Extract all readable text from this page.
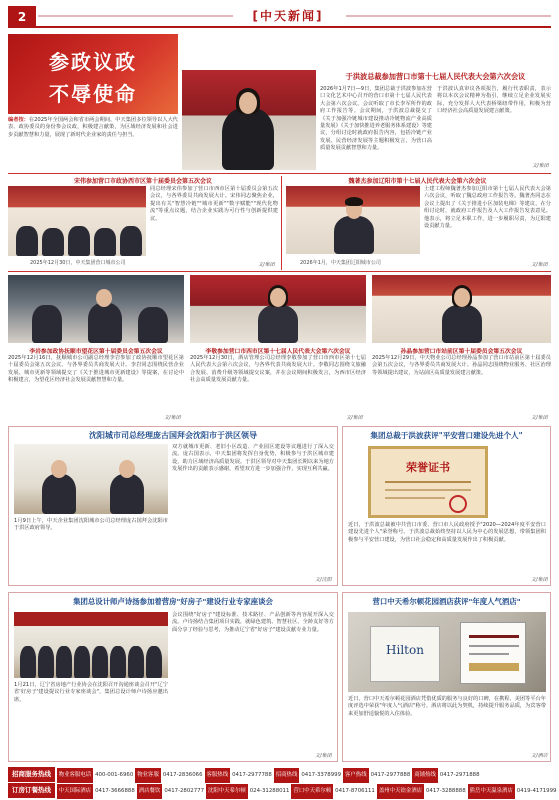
2
[	中天新闻 ]
参政议政
不辱使命
编者按：在2025年全国两会和省市两会期间，中天集团多位领导以人大代表、政协委员的身份参会议政，积极建言献策，为区域经济发展和社会进步贡献智慧和力量，展现了新时代企业家的责任与担当。
于洪波总裁参加营口市第十七届人民代表大会第六次会议
2026年1月7日—9日，集团总裁于洪波参加在营口文化艺术中心召开的营口市第十七届人民代表大会第六次会议。会议听取了市长李军所作的政府工作报告等。会议期间，于洪波总裁提交了《关于加强冷链城市建设推动冷链物流产业高质量发展》《关于加快推进养老服务体系建设》等建议，分组讨论时就政府报告内容，包括冷链产业发展、民营经济发展等主题积极发言，为营口高质量发展贡献智慧和力量。
于洪波认真审议各项报告，履行代表职责，表示将以本次会议精神为指引，继续立足企业发展实际，充分发挥人大代表桥梁纽带作用，积极为营口经济社会高质量发展建言献策。
文/集团
宋伟参加营口市政协西市区第十届委员会第五次会议
同总经理宋伟参加了营口市西市区第十届委员会第五次会议，与各界委员共商发展大计。宋伟同志聚焦企业，提出有关"智慧冷链""城市更新""数字赋能""现代化物流"等重点议题，结合企业实践为可行性与创新提供建议。
2025年12月30日，中天集团营口城市公司	文/集团
魏著杰参加辽阳市第十七届人民代表大会第六次会议
土建工程师魏著杰参加辽阳市第十七届人民代表大会第六次会议，听取了魏总政府工作报告等。魏著杰同志在会议上提出了《关于推进小区加装电梯》等建议，在分组讨论时，就政府工作报告及人大工作报告发表意见。他表示，将立足本职工作，进一步履职尽责，为辽阳建设贡献力量。
2026年1月，中天集团辽阳城市公司	文/集团
李岩参加政协抚顺市望花区第十届委员会第五次会议
2025年12月16日，抚顺城市公司副总经理李岩参加了政协抚顺市望花区第十届委员会第五次会议。与各界委员共商发展大计。李岩同志围绕民营企业发展、城市更新等领域提交了《关于推进城市更新建设》等提案，在讨论中积极建言，为望花区经济社会发展贡献智慧和力量。
文/集团
李敬参加营口市西市区第十七届人民代表大会第六次会议
2025年12月30日，酒店管理公司总经理李敬参加了营口市西市区第十七届人民代表大会第六次会议，与各界代表共商发展大计。李敬同志围绕文旅融合发展、消费升级等领域提交议案，并在会议期间积极发言，为西市区经济社会高质量发展贡献力量。
文/集团
孙晶参加营口市站前区第十届委员会第五次会议
2025年12月29日，中天物业公司总经理孙晶参加了营口市站前区第十届委员会第五次会议，与各界委员共商发展大计。孙晶同志围绕物业服务、社区治理等领域提出建议，为站前区高质量发展建言献策。
文/集团
沈阳城市司总经理庞古国拜会沈阳市于洪区领导
1月9日上午，中天企业集团沈阳城市公司总经理庞古国拜会沈阳市于洪区政府领导。
双方就城市更新、老旧小区改造、产业园区建设等议题进行了深入交流。庞古国表示，中天集团将发挥自身优势，积极参与于洪区城市建设，助力区域经济高质量发展。于洪区领导对中天集团长期以来为地方发展作出的贡献表示感谢，希望双方进一步加强合作，实现互利共赢。
文/沈阳
集团总裁于洪波获评"平安营口建设先进个人"
荣誉证书
近日，于洪波总裁被中共营口市委、营口市人民政府授予"2020—2024年度平安营口建设先进个人"荣誉称号。于洪波总裁始终坚持以人民为中心的发展思想，带领集团积极参与平安营口建设，为营口社会稳定和高质量发展作出了积极贡献。
文/集团
集团总设计师卢诗扬参加着营房"好房子"建设行业专家座谈会
1月21日，辽宁省房地产行业协会在沈阳召开沟通座谈会召开"辽宁省'好房子'建设提议行业专家座谈会"，集团总设计师卢诗扬应邀出席。
会议围绕"好房子"建设标准、技术路径、产品创新等内容展开深入交流。卢诗扬结合集团项目实践，就绿色建筑、智慧社区、全龄友好等方面分享了经验与思考，为推动辽宁省"好房子"建设贡献专业力量。
文/集团
营口中天希尔顿花园酒店获评"年度人气酒店"
Hilton
近日，营口中天希尔顿花园酒店凭借优质的服务与良好的口碑，在携程、美团等平台年度评选中荣获"年度人气酒店"称号。酒店将以此为契机，持续提升服务品质，为宾客带来更加舒适愉悦的入住体验。
文/酒店
招商服务热线 物业客服电话 400-001-6960 物业客服 0417-2836066 客服热线 0417-2977788 招商热线 0417-3378999 客户热线 0417-2977888 商铺热线 0417-2971888
订房订餐热线 中天国际酒店 0417-3666888 酒店餐饮 0417-2802777 沈阳中天希尔顿 024-31288011 营口中天希尔顿 0417-8706111 盖州中天铂金酒店 0417-3288888 熊岳中天温泉酒店 0419-4171999
